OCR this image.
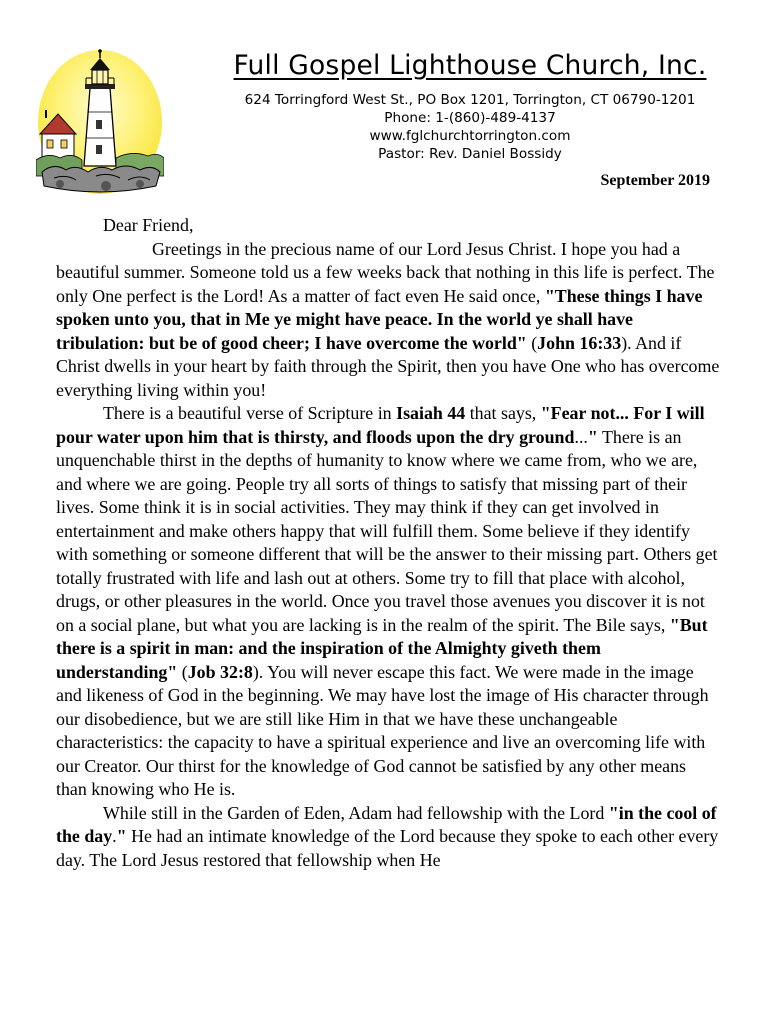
Full Gospel Lighthouse Church, Inc.
624 Torringford West St., PO Box 1201, Torrington, CT 06790-1201
Phone: 1-(860)-489-4137
www.fglchurchtorrington.com
Pastor: Rev. Daniel Bossidy
September 2019

Dear Friend,

Greetings in the precious name of our Lord Jesus Christ. I hope you had a beautiful summer. Someone told us a few weeks back that nothing in this life is perfect. The only One perfect is the Lord! As a matter of fact even He said once, "These things I have spoken unto you, that in Me ye might have peace. In the world ye shall have tribulation: but be of good cheer; I have overcome the world" (John 16:33). And if Christ dwells in your heart by faith through the Spirit, then you have One who has overcome everything living within you!

There is a beautiful verse of Scripture in Isaiah 44 that says, "Fear not... For I will pour water upon him that is thirsty, and floods upon the dry ground..." There is an unquenchable thirst in the depths of humanity to know where we came from, who we are, and where we are going. People try all sorts of things to satisfy that missing part of their lives. Some think it is in social activities. They may think if they can get involved in entertainment and make others happy that will fulfill them. Some believe if they identify with something or someone different that will be the answer to their missing part. Others get totally frustrated with life and lash out at others. Some try to fill that place with alcohol, drugs, or other pleasures in the world. Once you travel those avenues you discover it is not on a social plane, but what you are lacking is in the realm of the spirit. The Bile says, "But there is a spirit in man: and the inspiration of the Almighty giveth them understanding" (Job 32:8). You will never escape this fact. We were made in the image and likeness of God in the beginning. We may have lost the image of His character through our disobedience, but we are still like Him in that we have these unchangeable characteristics: the capacity to have a spiritual experience and live an overcoming life with our Creator. Our thirst for the knowledge of God cannot be satisfied by any other means than knowing who He is.

While still in the Garden of Eden, Adam had fellowship with the Lord "in the cool of the day." He had an intimate knowledge of the Lord because they spoke to each other every day. The Lord Jesus restored that fellowship when He
